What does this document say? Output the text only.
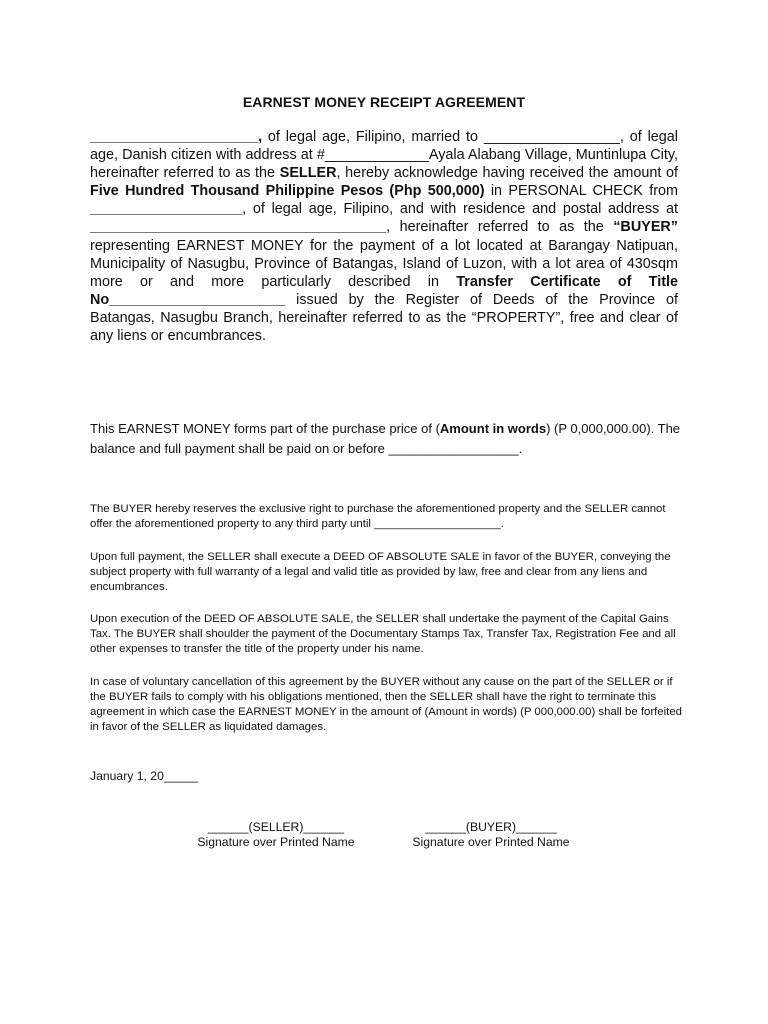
EARNEST MONEY RECEIPT AGREEMENT
_____________________, of legal age, Filipino, married to _________________, of legal age, Danish citizen with address at #_____________Ayala Alabang Village, Muntinlupa City, hereinafter referred to as the SELLER, hereby acknowledge having received the amount of Five Hundred Thousand Philippine Pesos (Php 500,000) in PERSONAL CHECK from ___________________, of legal age, Filipino, and with residence and postal address at _____________________________________, hereinafter referred to as the “BUYER” representing EARNEST MONEY for the payment of a lot located at Barangay Natipuan, Municipality of Nasugbu, Province of Batangas, Island of Luzon, with a lot area of 430sqm more or and more particularly described in Transfer Certificate of Title No______________________ issued by the Register of Deeds of the Province of Batangas, Nasugbu Branch, hereinafter referred to as the “PROPERTY”, free and clear of any liens or encumbrances.
This EARNEST MONEY forms part of the purchase price of (Amount in words) (P 0,000,000.00). The balance and full payment shall be paid on or before __________________.
The BUYER hereby reserves the exclusive right to purchase the aforementioned property and the SELLER cannot offer the aforementioned property to any third party until ____________________.
Upon full payment, the SELLER shall execute a DEED OF ABSOLUTE SALE in favor of the BUYER, conveying the subject property with full warranty of a legal and valid title as provided by law, free and clear from any liens and encumbrances.
Upon execution of the DEED OF ABSOLUTE SALE, the SELLER shall undertake the payment of the Capital Gains Tax. The BUYER shall shoulder the payment of the Documentary Stamps Tax, Transfer Tax, Registration Fee and all other expenses to transfer the title of the property under his name.
In case of voluntary cancellation of this agreement by the BUYER without any cause on the part of the SELLER or if the BUYER fails to comply with his obligations mentioned, then the SELLER shall have the right to terminate this agreement in which case the EARNEST MONEY in the amount of (Amount in words) (P 000,000.00) shall be forfeited in favor of the SELLER as liquidated damages.
January 1, 20_____
______(SELLER)______
Signature over Printed Name
______(BUYER)______
Signature over Printed Name
